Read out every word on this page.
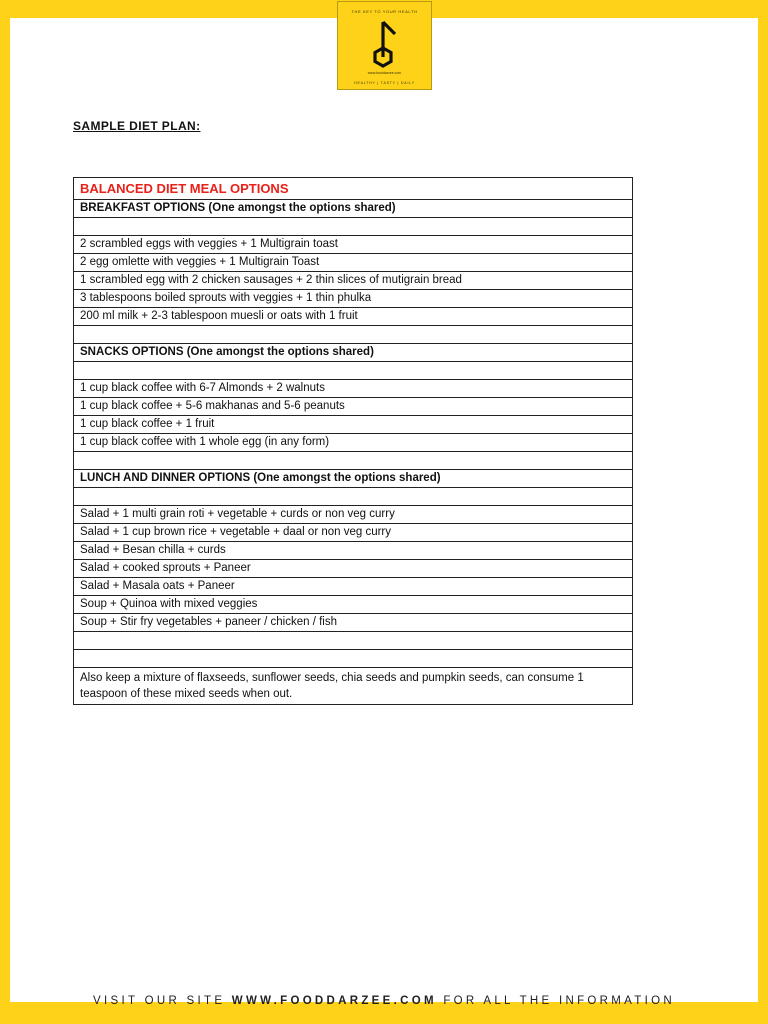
THE KEY TO YOUR HEALTH
www.fooddarzee.com
HEALTHY | TASTY | DAILY
SAMPLE DIET PLAN:
BALANCED DIET MEAL OPTIONS
BREAKFAST OPTIONS (One amongst the options shared)

2 scrambled eggs with veggies + 1 Multigrain toast
2 egg omlette with veggies + 1 Multigrain Toast
1 scrambled egg with 2 chicken sausages + 2 thin slices of mutigrain bread
3 tablespoons boiled sprouts with veggies + 1 thin phulka
200 ml milk + 2-3 tablespoon muesli or oats with 1 fruit

SNACKS OPTIONS (One amongst the options shared)

1 cup black coffee with 6-7 Almonds + 2 walnuts
1 cup black coffee + 5-6 makhanas and 5-6 peanuts
1 cup black coffee + 1 fruit
1 cup black coffee with 1 whole egg (in any form)

LUNCH AND DINNER OPTIONS (One amongst the options shared)

Salad + 1 multi grain roti + vegetable + curds or non veg curry
Salad + 1 cup brown rice + vegetable + daal or non veg curry
Salad + Besan chilla + curds
Salad + cooked sprouts + Paneer
Salad + Masala oats + Paneer
Soup + Quinoa with mixed veggies
Soup + Stir fry vegetables + paneer / chicken / fish

Also keep a mixture of flaxseeds, sunflower seeds, chia seeds and pumpkin seeds, can consume 1 teaspoon of these mixed seeds when out.
VISIT OUR SITE WWW.FOODDARZEE.COM FOR ALL THE INFORMATION
